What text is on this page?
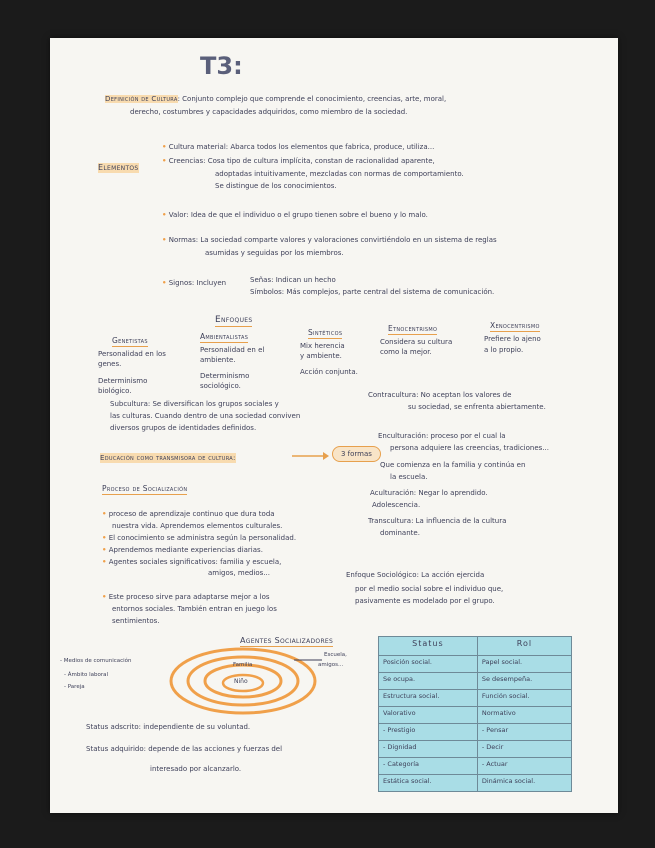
T3:
Definición de Cultura: Conjunto complejo que comprende el conocimiento, creencias, arte, moral,
derecho, costumbres y capacidades adquiridos, como miembro de la sociedad.
Elementos
• Cultura material: Abarca todos los elementos que fabrica, produce, utiliza...
• Creencias: Cosa tipo de cultura implícita, constan de racionalidad aparente,
adoptadas intuitivamente, mezcladas con normas de comportamiento.
Se distingue de los conocimientos.
• Valor: Idea de que el individuo o el grupo tienen sobre el bueno y lo malo.
• Normas: La sociedad comparte valores y valoraciones convirtiéndolo en un sistema de reglas
asumidas y seguidas por los miembros.
• Signos: Incluyen	Señas: Indican un hecho
Símbolos: Más complejos, parte central del sistema de comunicación.
Enfoques
Genetistas
Personalidad en los
genes.
Determinismo
biológico.
Ambientalistas
Personalidad en el
ambiente.
Determinismo
sociológico.
Sintéticos
Mix herencia
y ambiente.
Acción conjunta.
Etnocentrismo
Considera su cultura
como la mejor.
Xenocentrismo
Prefiere lo ajeno
a lo propio.
Subcultura: Se diversifican los grupos sociales y
las culturas. Cuando dentro de una sociedad conviven
diversos grupos de identidades definidos.
Contracultura: No aceptan los valores de
su sociedad, se enfrenta abiertamente.
Educación como transmisora de cultura:	3 formas
Enculturación: proceso por el cual la
persona adquiere las creencias, tradiciones...
Que comienza en la familia y continúa en
la escuela.
Aculturación: Negar lo aprendido.
Adolescencia.
Transcultura: La influencia de la cultura
dominante.
Proceso de Socialización
• proceso de aprendizaje continuo que dura toda
nuestra vida. Aprendemos elementos culturales.
• El conocimiento se administra según la personalidad.
• Aprendemos mediante experiencias diarias.
• Agentes sociales significativos: familia y escuela,
amigos, medios...
• Este proceso sirve para adaptarse mejor a los
entornos sociales. También entran en juego los
sentimientos.
Enfoque Sociológico: La acción ejercida
por el medio social sobre el individuo que,
pasivamente es modelado por el grupo.
Agentes Socializadores
Familia
Niño
- Medios de comunicación
- Ámbito laboral
- Pareja
Escuela,
amigos...
Status adscrito: independiente de su voluntad.
Status adquirido: depende de las acciones y fuerzas del
interesado por alcanzarlo.
Status	Rol
Posición social.	Papel social.
Se ocupa.	Se desempeña.
Estructura social.	Función social.
Valorativo	Normativo
- Prestigio	- Pensar
- Dignidad	- Decir
- Categoría	- Actuar
Estática social.	Dinámica social.
